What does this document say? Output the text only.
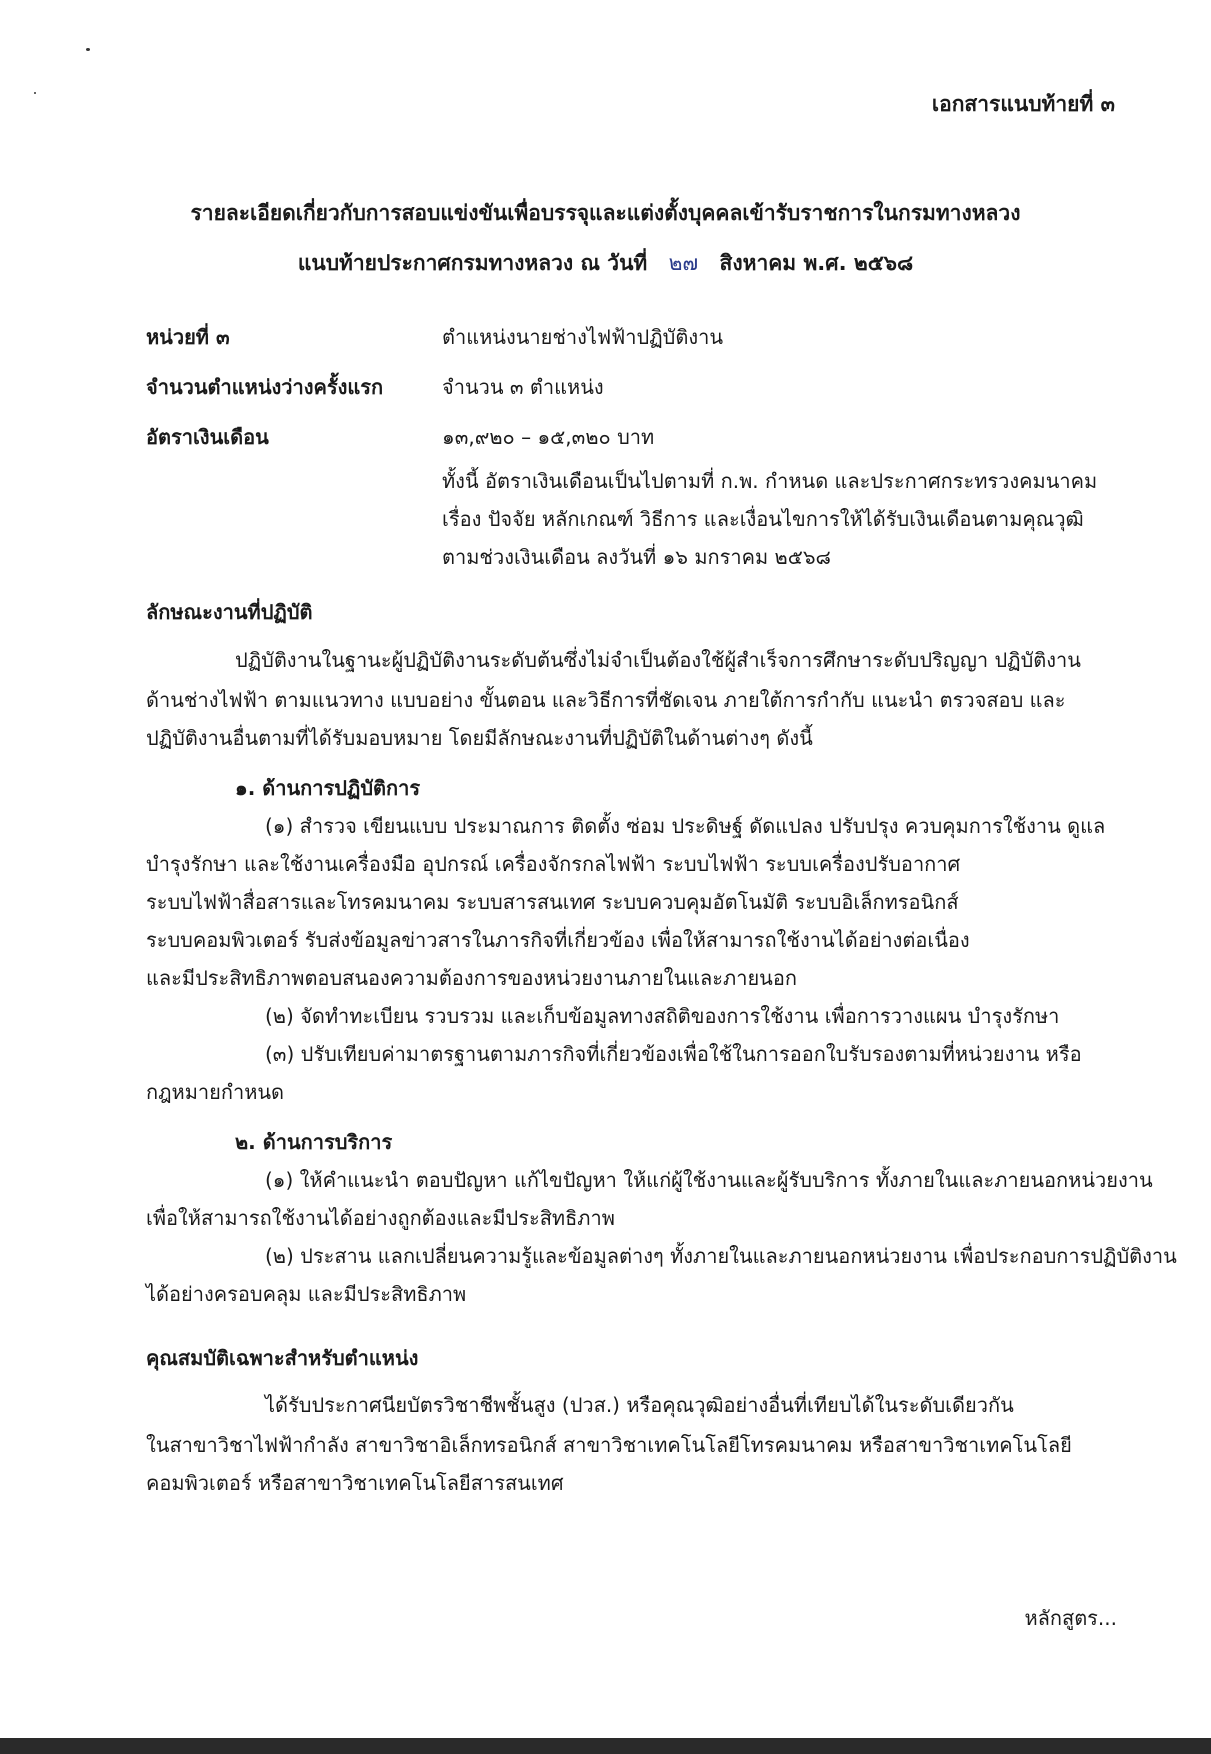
เอกสารแนบท้ายที่ ๓
รายละเอียดเกี่ยวกับการสอบแข่งขันเพื่อบรรจุและแต่งตั้งบุคคลเข้ารับราชการในกรมทางหลวง
แนบท้ายประกาศกรมทางหลวง ณ วันที่ ๒๗ สิงหาคม พ.ศ. ๒๕๖๘
หน่วยที่ ๓	ตำแหน่งนายช่างไฟฟ้าปฏิบัติงาน
จำนวนตำแหน่งว่างครั้งแรก	จำนวน ๓ ตำแหน่ง
อัตราเงินเดือน	๑๓,๙๒๐ – ๑๕,๓๒๐ บาท
ทั้งนี้ อัตราเงินเดือนเป็นไปตามที่ ก.พ. กำหนด และประกาศกระทรวงคมนาคม
เรื่อง ปัจจัย หลักเกณฑ์ วิธีการ และเงื่อนไขการให้ได้รับเงินเดือนตามคุณวุฒิ
ตามช่วงเงินเดือน ลงวันที่ ๑๖ มกราคม ๒๕๖๘
ลักษณะงานที่ปฏิบัติ
ปฏิบัติงานในฐานะผู้ปฏิบัติงานระดับต้นซึ่งไม่จำเป็นต้องใช้ผู้สำเร็จการศึกษาระดับปริญญา ปฏิบัติงาน
ด้านช่างไฟฟ้า ตามแนวทาง แบบอย่าง ขั้นตอน และวิธีการที่ชัดเจน ภายใต้การกำกับ แนะนำ ตรวจสอบ และ
ปฏิบัติงานอื่นตามที่ได้รับมอบหมาย โดยมีลักษณะงานที่ปฏิบัติในด้านต่างๆ ดังนี้
๑. ด้านการปฏิบัติการ
(๑) สำรวจ เขียนแบบ ประมาณการ ติดตั้ง ซ่อม ประดิษฐ์ ดัดแปลง ปรับปรุง ควบคุมการใช้งาน ดูแล
บำรุงรักษา และใช้งานเครื่องมือ อุปกรณ์ เครื่องจักรกลไฟฟ้า ระบบไฟฟ้า ระบบเครื่องปรับอากาศ
ระบบไฟฟ้าสื่อสารและโทรคมนาคม ระบบสารสนเทศ ระบบควบคุมอัตโนมัติ ระบบอิเล็กทรอนิกส์
ระบบคอมพิวเตอร์ รับส่งข้อมูลข่าวสารในภารกิจที่เกี่ยวข้อง เพื่อให้สามารถใช้งานได้อย่างต่อเนื่อง
และมีประสิทธิภาพตอบสนองความต้องการของหน่วยงานภายในและภายนอก
(๒) จัดทำทะเบียน รวบรวม และเก็บข้อมูลทางสถิติของการใช้งาน เพื่อการวางแผน บำรุงรักษา
(๓) ปรับเทียบค่ามาตรฐานตามภารกิจที่เกี่ยวข้องเพื่อใช้ในการออกใบรับรองตามที่หน่วยงาน หรือ
กฎหมายกำหนด
๒. ด้านการบริการ
(๑) ให้คำแนะนำ ตอบปัญหา แก้ไขปัญหา ให้แก่ผู้ใช้งานและผู้รับบริการ ทั้งภายในและภายนอกหน่วยงาน
เพื่อให้สามารถใช้งานได้อย่างถูกต้องและมีประสิทธิภาพ
(๒) ประสาน แลกเปลี่ยนความรู้และข้อมูลต่างๆ ทั้งภายในและภายนอกหน่วยงาน เพื่อประกอบการปฏิบัติงาน
ได้อย่างครอบคลุม และมีประสิทธิภาพ
คุณสมบัติเฉพาะสำหรับตำแหน่ง
ได้รับประกาศนียบัตรวิชาชีพชั้นสูง (ปวส.) หรือคุณวุฒิอย่างอื่นที่เทียบได้ในระดับเดียวกัน
ในสาขาวิชาไฟฟ้ากำลัง สาขาวิชาอิเล็กทรอนิกส์ สาขาวิชาเทคโนโลยีโทรคมนาคม หรือสาขาวิชาเทคโนโลยี
คอมพิวเตอร์ หรือสาขาวิชาเทคโนโลยีสารสนเทศ
หลักสูตร...
